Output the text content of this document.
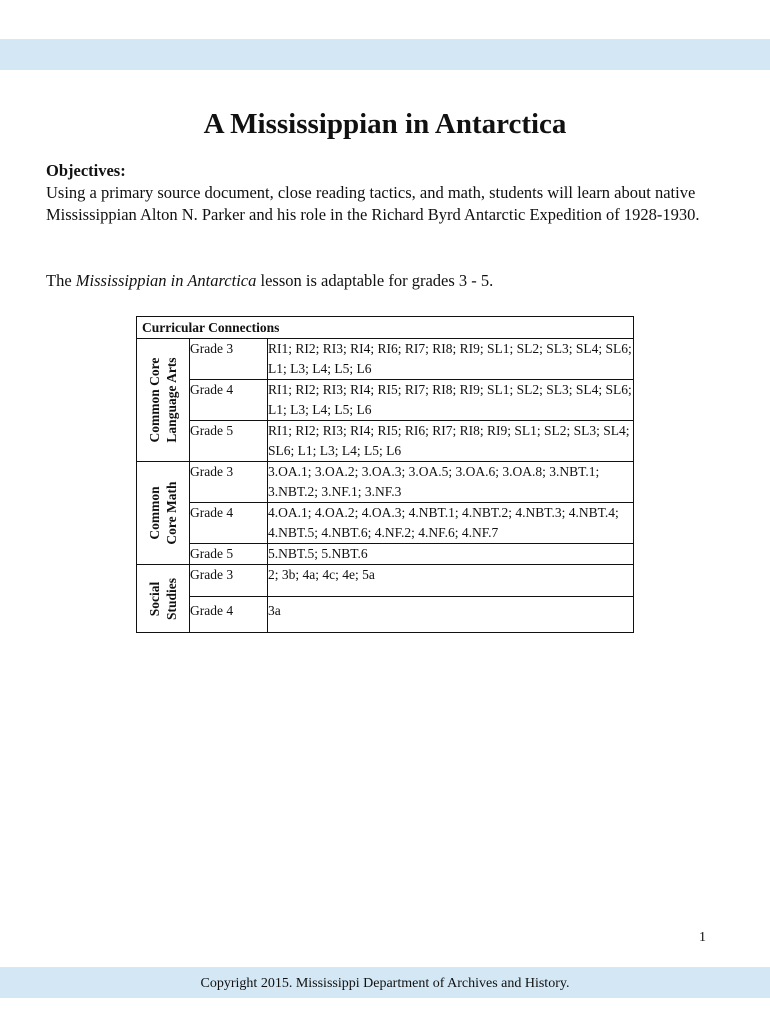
A Mississippian in Antarctica
Objectives:
Using a primary source document, close reading tactics, and math, students will learn about native Mississippian Alton N. Parker and his role in the Richard Byrd Antarctic Expedition of 1928-1930.
The Mississippian in Antarctica lesson is adaptable for grades 3 - 5.
Curricular Connections		

Common Core Language Arts	Grade 3	RI1; RI2; RI3; RI4; RI6; RI7; RI8; RI9; SL1; SL2; SL3; SL4; SL6; L1; L3; L4; L5; L6
	Grade 4	RI1; RI2; RI3; RI4; RI5; RI7; RI8; RI9; SL1; SL2; SL3; SL4; SL6; L1; L3; L4; L5; L6
	Grade 5	RI1; RI2; RI3; RI4; RI5; RI6; RI7; RI8; RI9; SL1; SL2; SL3; SL4; SL6; L1; L3; L4; L5; L6

Common Core Math	Grade 3	3.OA.1; 3.OA.2; 3.OA.3; 3.OA.5; 3.OA.6; 3.OA.8; 3.NBT.1; 3.NBT.2; 3.NF.1; 3.NF.3
	Grade 4	4.OA.1; 4.OA.2; 4.OA.3; 4.NBT.1; 4.NBT.2; 4.NBT.3; 4.NBT.4; 4.NBT.5; 4.NBT.6; 4.NF.2; 4.NF.6; 4.NF.7
	Grade 5	5.NBT.5; 5.NBT.6

Social Studies	Grade 3	2; 3b; 4a; 4c; 4e; 5a
	Grade 4	3a
1
Copyright 2015. Mississippi Department of Archives and History.
